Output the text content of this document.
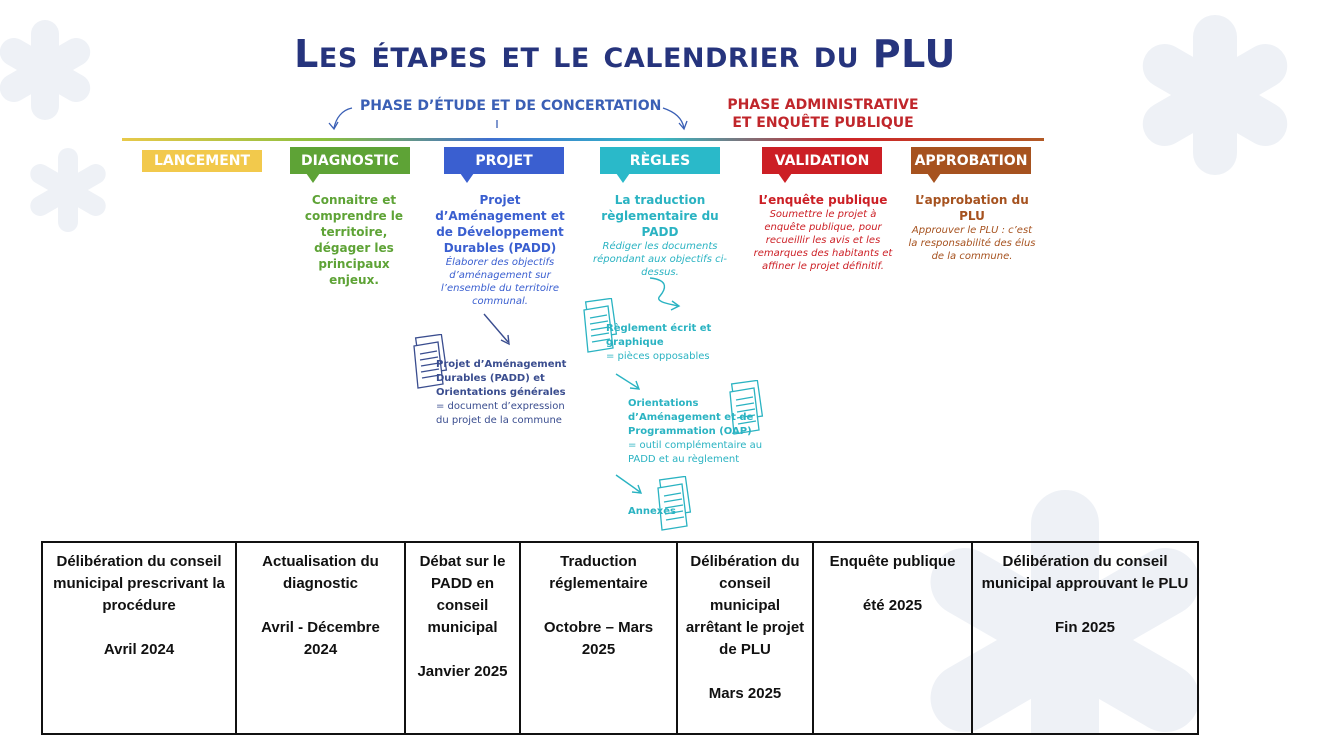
Les étapes et le calendrier du PLU
PHASE D’ÉTUDE ET DE CONCERTATION	PHASE ADMINISTRATIVE
ET ENQUÊTE PUBLIQUE
LANCEMENT	DIAGNOSTIC	PROJET	RÈGLES	VALIDATION	APPROBATION
Connaitre et comprendre le territoire, dégager les principaux enjeux.
Projet d’Aménagement et de Développement Durables (PADD)
Élaborer des objectifs d’aménagement sur l’ensemble du territoire communal.
La traduction règlementaire du PADD
Rédiger les documents répondant aux objectifs ci-dessus.
L’enquête publique
Soumettre le projet à enquête publique, pour recueillir les avis et les remarques des habitants et affiner le projet définitif.
L’approbation du PLU
Approuver le PLU : c’est la responsabilité des élus de la commune.
Projet d’Aménagement Durables (PADD) et Orientations générales
= document d’expression du projet de la commune
Règlement écrit et graphique
= pièces opposables
Orientations d’Aménagement et de Programmation (OAP)
= outil complémentaire au PADD et au règlement
Annexes
Délibération du conseil municipal prescrivant la procédure
Avril 2024

Actualisation du diagnostic
Avril - Décembre 2024

Débat sur le PADD en conseil municipal
Janvier 2025

Traduction réglementaire
Octobre – Mars 2025

Délibération du conseil municipal arrêtant le projet de PLU
Mars 2025

Enquête publique
été 2025

Délibération du conseil municipal approuvant le PLU
Fin 2025
